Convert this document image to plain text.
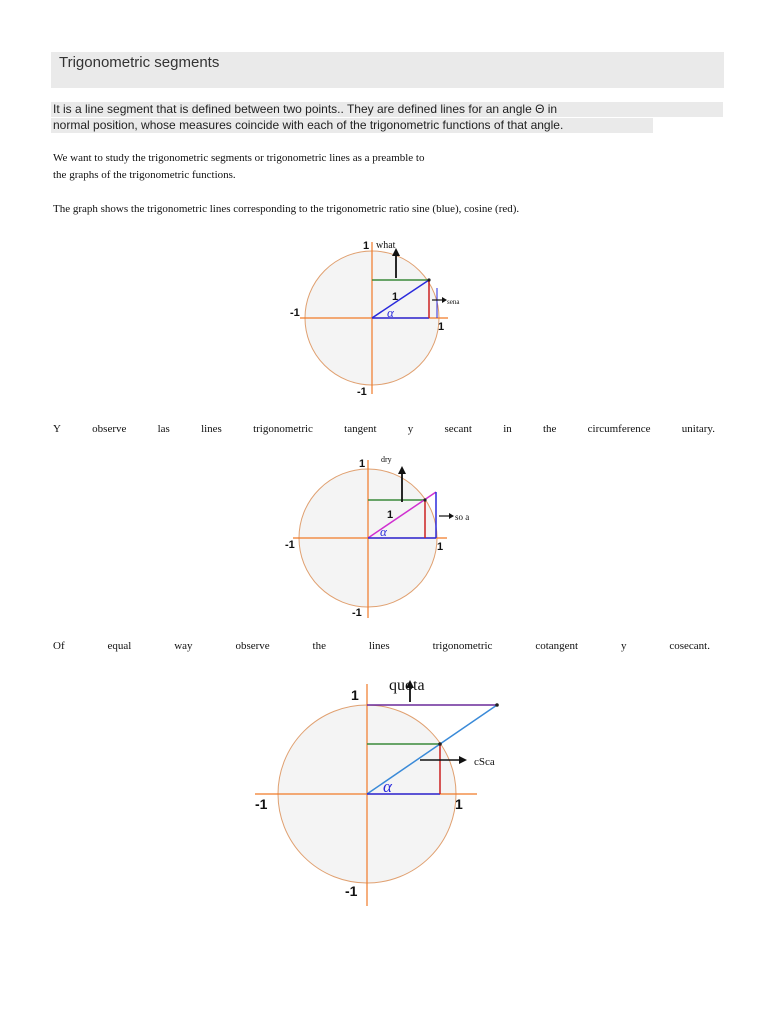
Trigonometric segments
It is a line segment that is defined between two points.. They are defined lines for an angle Θ in
normal position, whose measures coincide with each of the trigonometric functions of that angle.
We want to study the trigonometric segments or trigonometric lines as a preamble to
the graphs of the trigonometric functions.
The graph shows the trigonometric lines corresponding to the trigonometric ratio sine (blue), cosine (red).
1
-1
-1
1
1
α
what
sena
Y	observe	las	lines	trigonometric	tangent	y	secant	in	the	circumference	unitary.
1
-1
-1	1
1
α
dry
so a
Of	equal	way	observe	the	lines	trigonometric	cotangent	y	cosecant.
1
-1
-1	1
α
quota
cSca
